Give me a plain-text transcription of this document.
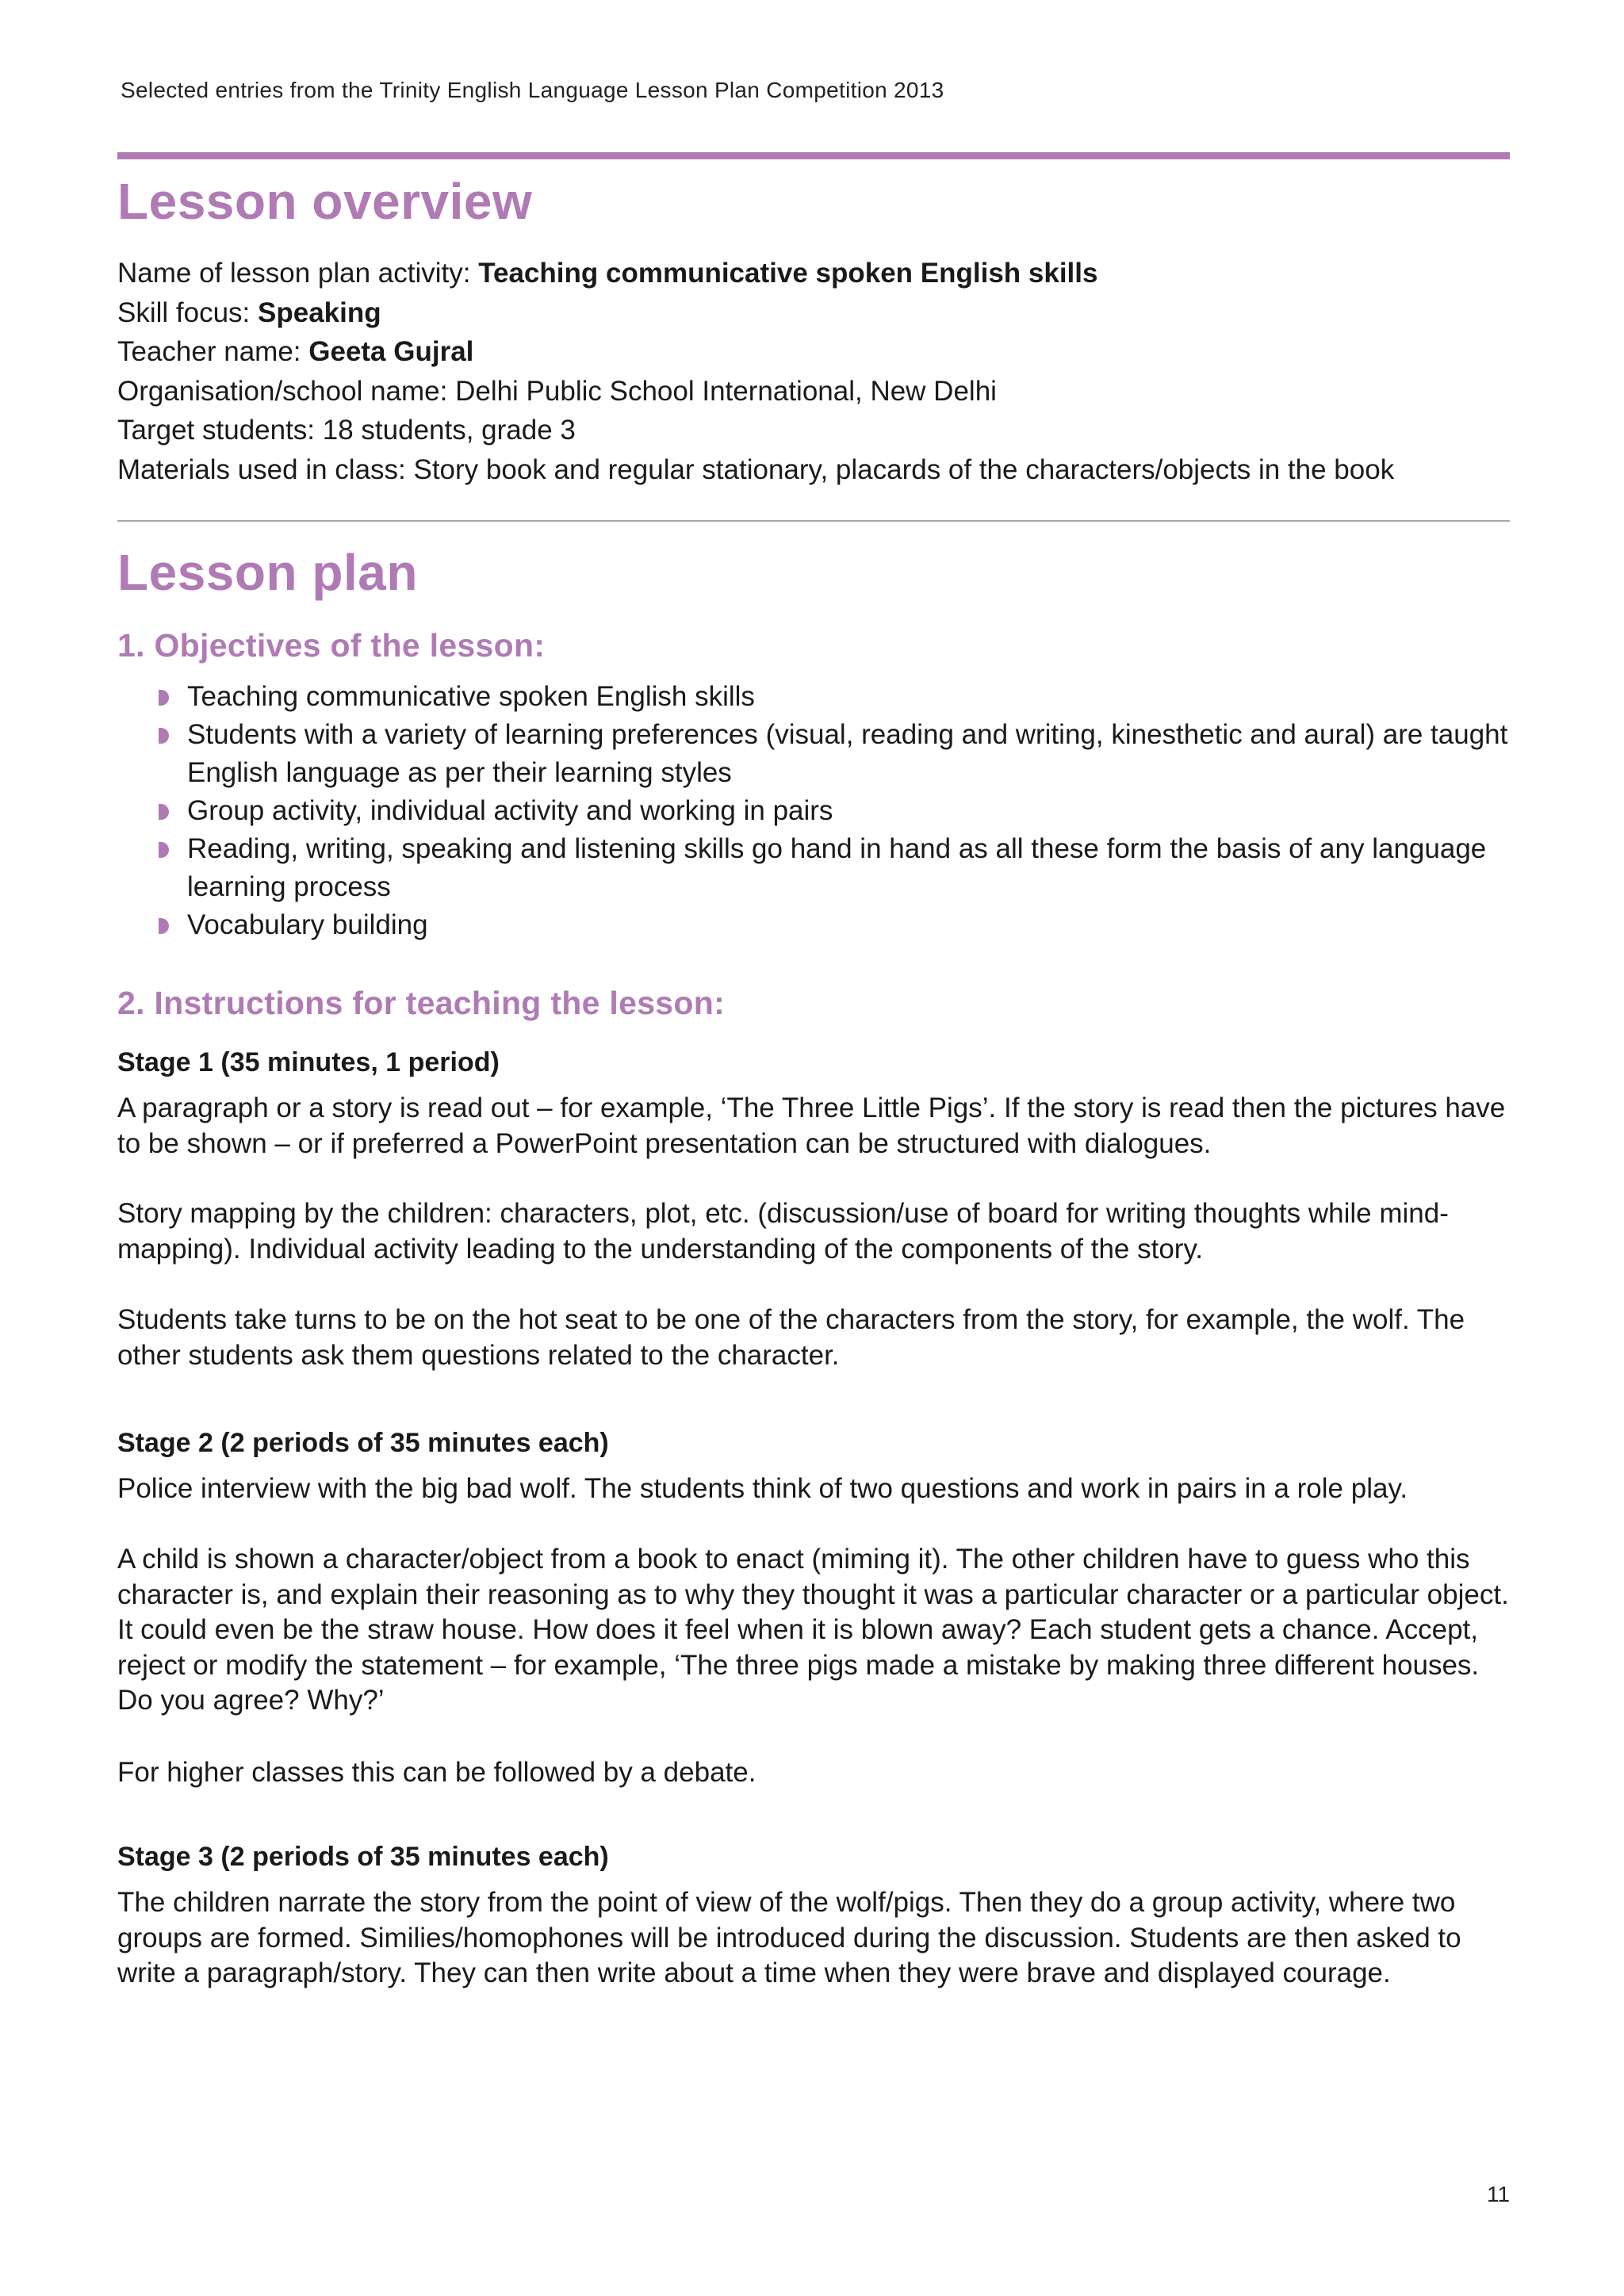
Selected entries from the Trinity English Language Lesson Plan Competition 2013
Lesson overview
Name of lesson plan activity: Teaching communicative spoken English skills
Skill focus: Speaking
Teacher name: Geeta Gujral
Organisation/school name: Delhi Public School International, New Delhi
Target students: 18 students, grade 3
Materials used in class: Story book and regular stationary, placards of the characters/objects in the book
Lesson plan
1. Objectives of the lesson:
Teaching communicative spoken English skills
Students with a variety of learning preferences (visual, reading and writing, kinesthetic and aural) are taught English language as per their learning styles
Group activity, individual activity and working in pairs
Reading, writing, speaking and listening skills go hand in hand as all these form the basis of any language learning process
Vocabulary building
2. Instructions for teaching the lesson:
Stage 1 (35 minutes, 1 period)

A paragraph or a story is read out – for example, ‘The Three Little Pigs’. If the story is read then the pictures have to be shown – or if preferred a PowerPoint presentation can be structured with dialogues.

Story mapping by the children: characters, plot, etc. (discussion/use of board for writing thoughts while mind-mapping). Individual activity leading to the understanding of the components of the story.

Students take turns to be on the hot seat to be one of the characters from the story, for example, the wolf. The other students ask them questions related to the character.

Stage 2 (2 periods of 35 minutes each)

Police interview with the big bad wolf. The students think of two questions and work in pairs in a role play.

A child is shown a character/object from a book to enact (miming it). The other children have to guess who this character is, and explain their reasoning as to why they thought it was a particular character or a particular object. It could even be the straw house. How does it feel when it is blown away? Each student gets a chance. Accept, reject or modify the statement – for example, ‘The three pigs made a mistake by making three different houses. Do you agree? Why?’

For higher classes this can be followed by a debate.

Stage 3 (2 periods of 35 minutes each)

The children narrate the story from the point of view of the wolf/pigs. Then they do a group activity, where two groups are formed. Similies/homophones will be introduced during the discussion. Students are then asked to write a paragraph/story. They can then write about a time when they were brave and displayed courage.

11
